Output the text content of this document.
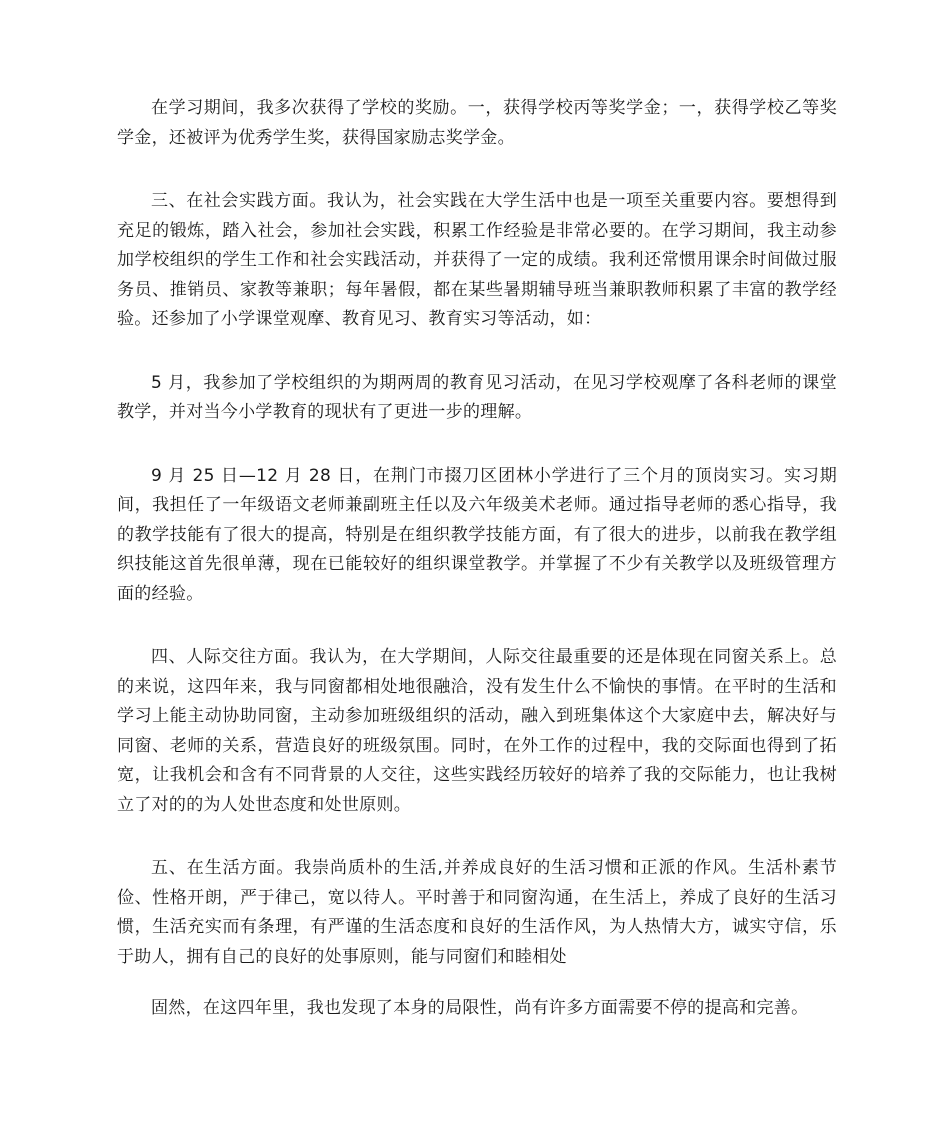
在学习期间，我多次获得了学校的奖励。一，获得学校丙等奖学金；一，获得学校乙等奖学金，还被评为优秀学生奖，获得国家励志奖学金。

三、在社会实践方面。我认为，社会实践在大学生活中也是一项至关重要内容。要想得到充足的锻炼，踏入社会，参加社会实践，积累工作经验是非常必要的。在学习期间，我主动参加学校组织的学生工作和社会实践活动，并获得了一定的成绩。我利还常惯用课余时间做过服务员、推销员、家教等兼职；每年暑假，都在某些暑期辅导班当兼职教师积累了丰富的教学经验。还参加了小学课堂观摩、教育见习、教育实习等活动，如：

5 月，我参加了学校组织的为期两周的教育见习活动，在见习学校观摩了各科老师的课堂教学，并对当今小学教育的现状有了更进一步的理解。

9 月 25 日—12 月 28 日，在荆门市掇刀区团林小学进行了三个月的顶岗实习。实习期间，我担任了一年级语文老师兼副班主任以及六年级美术老师。通过指导老师的悉心指导，我的教学技能有了很大的提高，特别是在组织教学技能方面，有了很大的进步，以前我在教学组织技能这首先很单薄，现在已能较好的组织课堂教学。并掌握了不少有关教学以及班级管理方面的经验。

四、人际交往方面。我认为，在大学期间，人际交往最重要的还是体现在同窗关系上。总的来说，这四年来，我与同窗都相处地很融洽，没有发生什么不愉快的事情。在平时的生活和学习上能主动协助同窗，主动参加班级组织的活动，融入到班集体这个大家庭中去，解决好与同窗、老师的关系，营造良好的班级氛围。同时，在外工作的过程中，我的交际面也得到了拓宽，让我机会和含有不同背景的人交往，这些实践经历较好的培养了我的交际能力，也让我树立了对的的为人处世态度和处世原则。

五、在生活方面。我崇尚质朴的生活,并养成良好的生活习惯和正派的作风。生活朴素节俭、性格开朗，严于律己，宽以待人。平时善于和同窗沟通，在生活上，养成了良好的生活习惯，生活充实而有条理，有严谨的生活态度和良好的生活作风，为人热情大方，诚实守信，乐于助人，拥有自己的良好的处事原则，能与同窗们和睦相处

固然，在这四年里，我也发现了本身的局限性，尚有许多方面需要不停的提高和完善。
